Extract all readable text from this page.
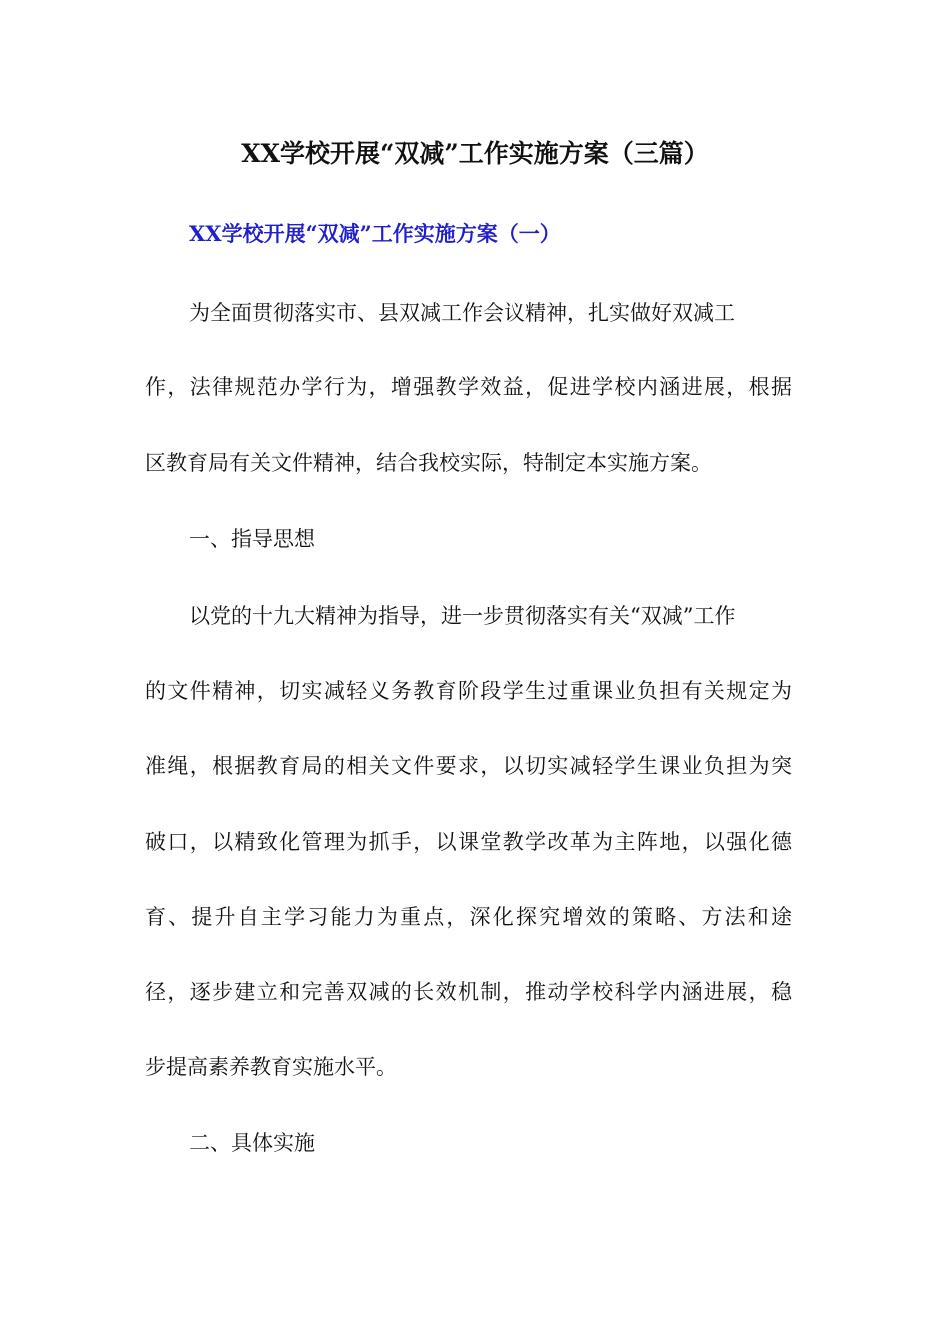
XX学校开展“双减”工作实施方案（三篇）
XX学校开展“双减”工作实施方案（一）
为全面贯彻落实市、县双减工作会议精神，扎实做好双减工
作，法律规范办学行为，增强教学效益，促进学校内涵进展，根据
区教育局有关文件精神，结合我校实际，特制定本实施方案。
一、指导思想
以党的十九大精神为指导，进一步贯彻落实有关“双减”工作
的文件精神，切实减轻义务教育阶段学生过重课业负担有关规定为
准绳，根据教育局的相关文件要求，以切实减轻学生课业负担为突
破口，以精致化管理为抓手，以课堂教学改革为主阵地，以强化德
育、提升自主学习能力为重点，深化探究增效的策略、方法和途
径，逐步建立和完善双减的长效机制，推动学校科学内涵进展，稳
步提高素养教育实施水平。
二、具体实施
